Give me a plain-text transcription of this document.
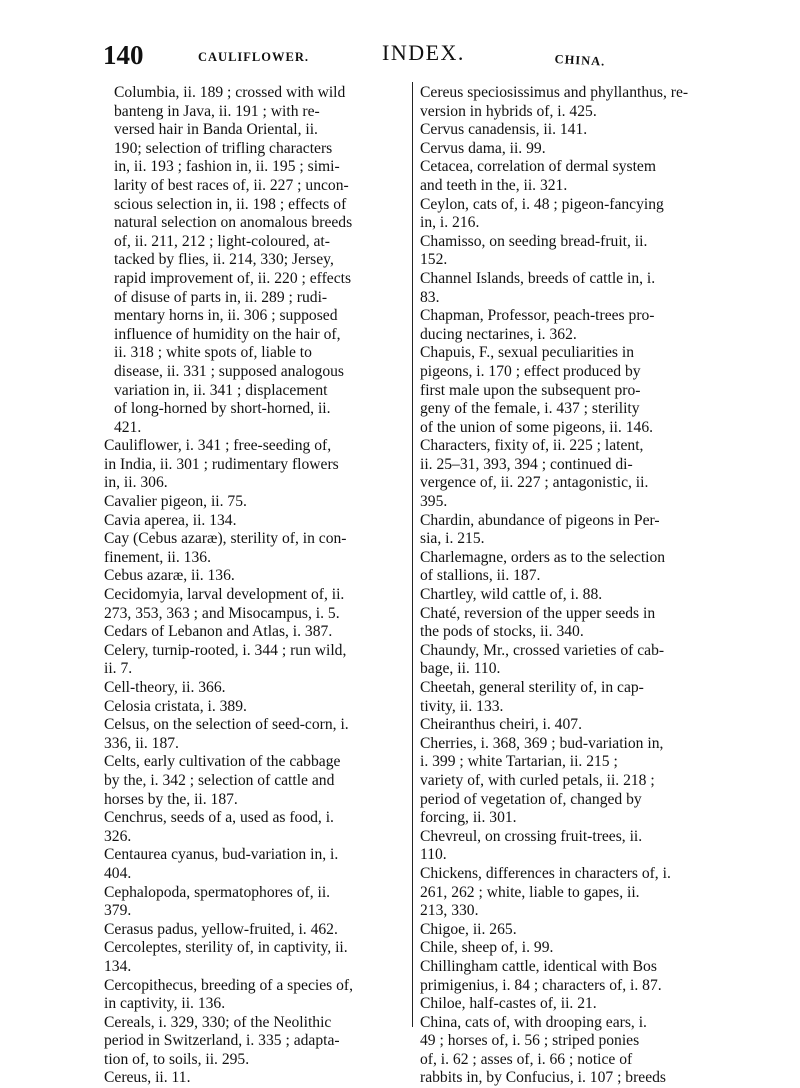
140	CAULIFLOWER.	INDEX.	CHINA.
Columbia, ii. 189 ; crossed with wild
banteng in Java, ii. 191 ; with re-
versed hair in Banda Oriental, ii.
190; selection of trifling characters
in, ii. 193 ; fashion in, ii. 195 ; simi-
larity of best races of, ii. 227 ; uncon-
scious selection in, ii. 198 ; effects of
natural selection on anomalous breeds
of, ii. 211, 212 ; light-coloured, at-
tacked by flies, ii. 214, 330; Jersey,
rapid improvement of, ii. 220 ; effects
of disuse of parts in, ii. 289 ; rudi-
mentary horns in, ii. 306 ; supposed
influence of humidity on the hair of,
ii. 318 ; white spots of, liable to
disease, ii. 331 ; supposed analogous
variation in, ii. 341 ; displacement
of long-horned by short-horned, ii.
421.
Cauliflower, i. 341 ; free-seeding of,
in India, ii. 301 ; rudimentary flowers
in, ii. 306.
Cavalier pigeon, ii. 75.
Cavia aperea, ii. 134.
Cay (Cebus azaræ), sterility of, in con-
finement, ii. 136.
Cebus azaræ, ii. 136.
Cecidomyia, larval development of, ii.
273, 353, 363 ; and Misocampus, i. 5.
Cedars of Lebanon and Atlas, i. 387.
Celery, turnip-rooted, i. 344 ; run wild,
ii. 7.
Cell-theory, ii. 366.
Celosia cristata, i. 389.
Celsus, on the selection of seed-corn, i.
336, ii. 187.
Celts, early cultivation of the cabbage
by the, i. 342 ; selection of cattle and
horses by the, ii. 187.
Cenchrus, seeds of a, used as food, i.
326.
Centaurea cyanus, bud-variation in, i.
404.
Cephalopoda, spermatophores of, ii.
379.
Cerasus padus, yellow-fruited, i. 462.
Cercoleptes, sterility of, in captivity, ii.
134.
Cercopithecus, breeding of a species of,
in captivity, ii. 136.
Cereals, i. 329, 330; of the Neolithic
period in Switzerland, i. 335 ; adapta-
tion of, to soils, ii. 295.
Cereus, ii. 11.
Cereus speciosissimus and phyllanthus, re-
version in hybrids of, i. 425.
Cervus canadensis, ii. 141.
Cervus dama, ii. 99.
Cetacea, correlation of dermal system
and teeth in the, ii. 321.
Ceylon, cats of, i. 48 ; pigeon-fancying
in, i. 216.
Chamisso, on seeding bread-fruit, ii.
152.
Channel Islands, breeds of cattle in, i.
83.
Chapman, Professor, peach-trees pro-
ducing nectarines, i. 362.
Chapuis, F., sexual peculiarities in
pigeons, i. 170 ; effect produced by
first male upon the subsequent pro-
geny of the female, i. 437 ; sterility
of the union of some pigeons, ii. 146.
Characters, fixity of, ii. 225 ; latent,
ii. 25–31, 393, 394 ; continued di-
vergence of, ii. 227 ; antagonistic, ii.
395.
Chardin, abundance of pigeons in Per-
sia, i. 215.
Charlemagne, orders as to the selection
of stallions, ii. 187.
Chartley, wild cattle of, i. 88.
Chaté, reversion of the upper seeds in
the pods of stocks, ii. 340.
Chaundy, Mr., crossed varieties of cab-
bage, ii. 110.
Cheetah, general sterility of, in cap-
tivity, ii. 133.
Cheiranthus cheiri, i. 407.
Cherries, i. 368, 369 ; bud-variation in,
i. 399 ; white Tartarian, ii. 215 ;
variety of, with curled petals, ii. 218 ;
period of vegetation of, changed by
forcing, ii. 301.
Chevreul, on crossing fruit-trees, ii.
110.
Chickens, differences in characters of, i.
261, 262 ; white, liable to gapes, ii.
213, 330.
Chigoe, ii. 265.
Chile, sheep of, i. 99.
Chillingham cattle, identical with Bos
primigenius, i. 84 ; characters of, i. 87.
Chiloe, half-castes of, ii. 21.
China, cats of, with drooping ears, i.
49 ; horses of, i. 56 ; striped ponies
of, i. 62 ; asses of, i. 66 ; notice of
rabbits in, by Confucius, i. 107 ; breeds
